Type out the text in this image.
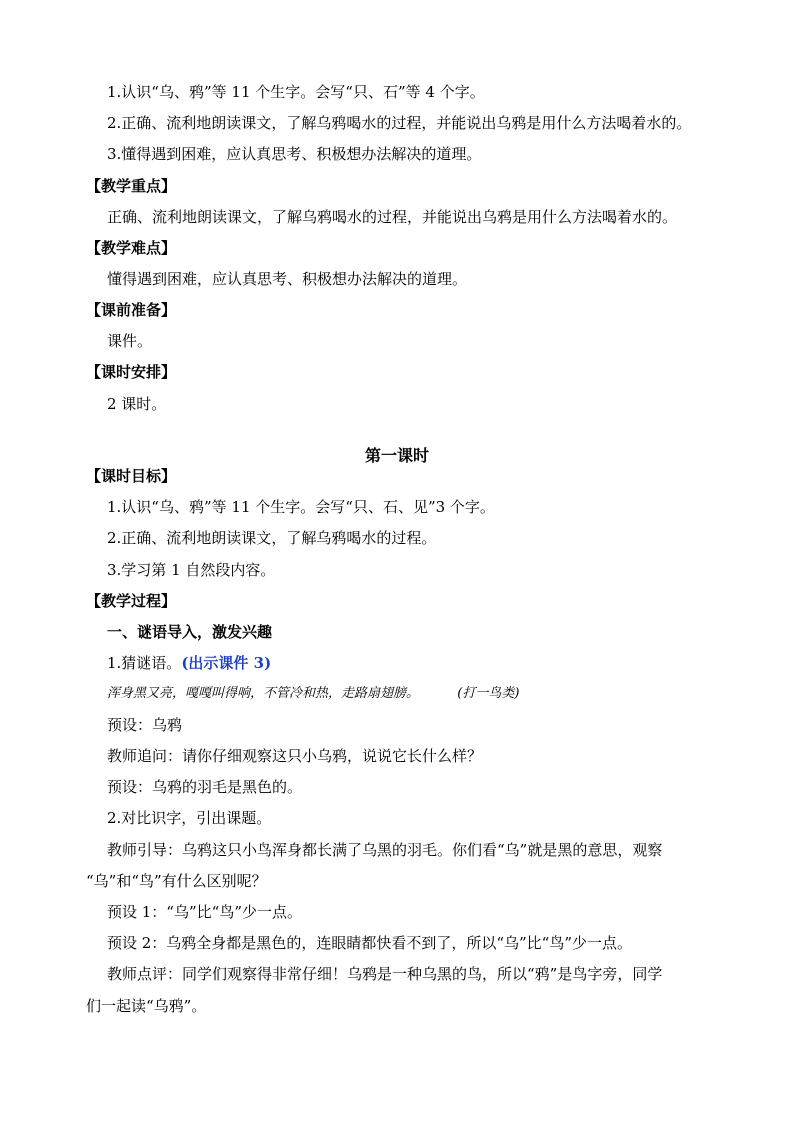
1.认识“乌、鸦”等 11 个生字。会写“只、石”等 4 个字。

2.正确、流利地朗读课文，了解乌鸦喝水的过程，并能说出乌鸦是用什么方法喝着水的。

3.懂得遇到困难，应认真思考、积极想办法解决的道理。

【教学重点】

正确、流利地朗读课文，了解乌鸦喝水的过程，并能说出乌鸦是用什么方法喝着水的。

【教学难点】

懂得遇到困难，应认真思考、积极想办法解决的道理。

【课前准备】

课件。

【课时安排】

2 课时。

第一课时

【课时目标】

1.认识“乌、鸦”等 11 个生字。会写“只、石、见”3 个字。

2.正确、流利地朗读课文，了解乌鸦喝水的过程。

3.学习第 1 自然段内容。

【教学过程】

一、谜语导入，激发兴趣

1.猜谜语。(出示课件 3)

浑身黑又亮，嘎嘎叫得响，不管冷和热，走路扇翅膀。	(打一鸟类)

预设：乌鸦

教师追问：请你仔细观察这只小乌鸦，说说它长什么样？

预设：乌鸦的羽毛是黑色的。

2.对比识字，引出课题。

教师引导：乌鸦这只小鸟浑身都长满了乌黑的羽毛。你们看“乌”就是黑的意思，观察

“乌”和“鸟”有什么区别呢？

预设 1：“乌”比“鸟”少一点。

预设 2：乌鸦全身都是黑色的，连眼睛都快看不到了，所以“乌”比“鸟”少一点。

教师点评：同学们观察得非常仔细！乌鸦是一种乌黑的鸟，所以“鸦”是鸟字旁，同学

们一起读“乌鸦”。
